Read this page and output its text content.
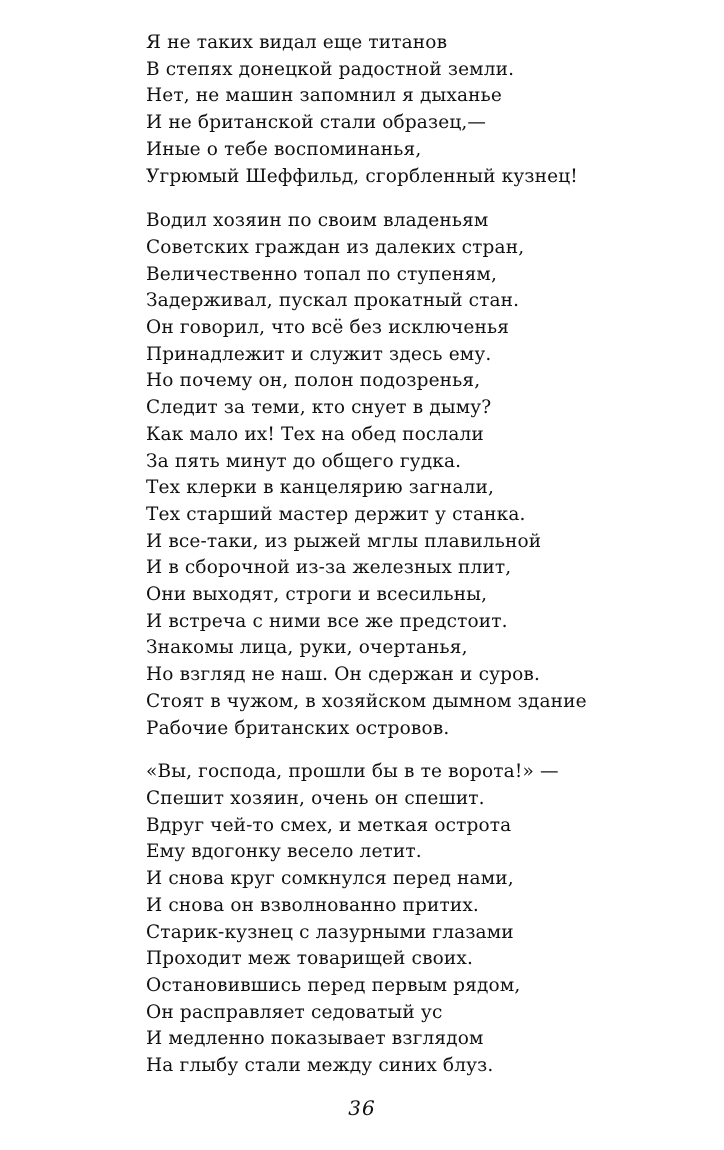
Я не таких видал еще титанов
В степях донецкой радостной земли.
Нет, не машин запомнил я дыханье
И не британской стали образец,—
Иные о тебе воспоминанья,
Угрюмый Шеффильд, сгорбленный кузнец!
Водил хозяин по своим владеньям
Советских граждан из далеких стран,
Величественно топал по ступеням,
Задерживал, пускал прокатный стан.
Он говорил, что всё без исключенья
Принадлежит и служит здесь ему.
Но почему он, полон подозренья,
Следит за теми, кто снует в дыму?
Как мало их! Тех на обед послали
За пять минут до общего гудка.
Тех клерки в канцелярию загнали,
Тех старший мастер держит у станка.
И все-таки, из рыжей мглы плавильной
И в сборочной из-за железных плит,
Они выходят, строги и всесильны,
И встреча с ними все же предстоит.
Знакомы лица, руки, очертанья,
Но взгляд не наш. Он сдержан и суров.
Стоят в чужом, в хозяйском дымном здание
Рабочие британских островов.
«Вы, господа, прошли бы в те ворота!» —
Спешит хозяин, очень он спешит.
Вдруг чей-то смех, и меткая острота
Ему вдогонку весело летит.
И снова круг сомкнулся перед нами,
И снова он взволнованно притих.
Старик-кузнец с лазурными глазами
Проходит меж товарищей своих.
Остановившись перед первым рядом,
Он расправляет седоватый ус
И медленно показывает взглядом
На глыбу стали между синих блуз.
36
